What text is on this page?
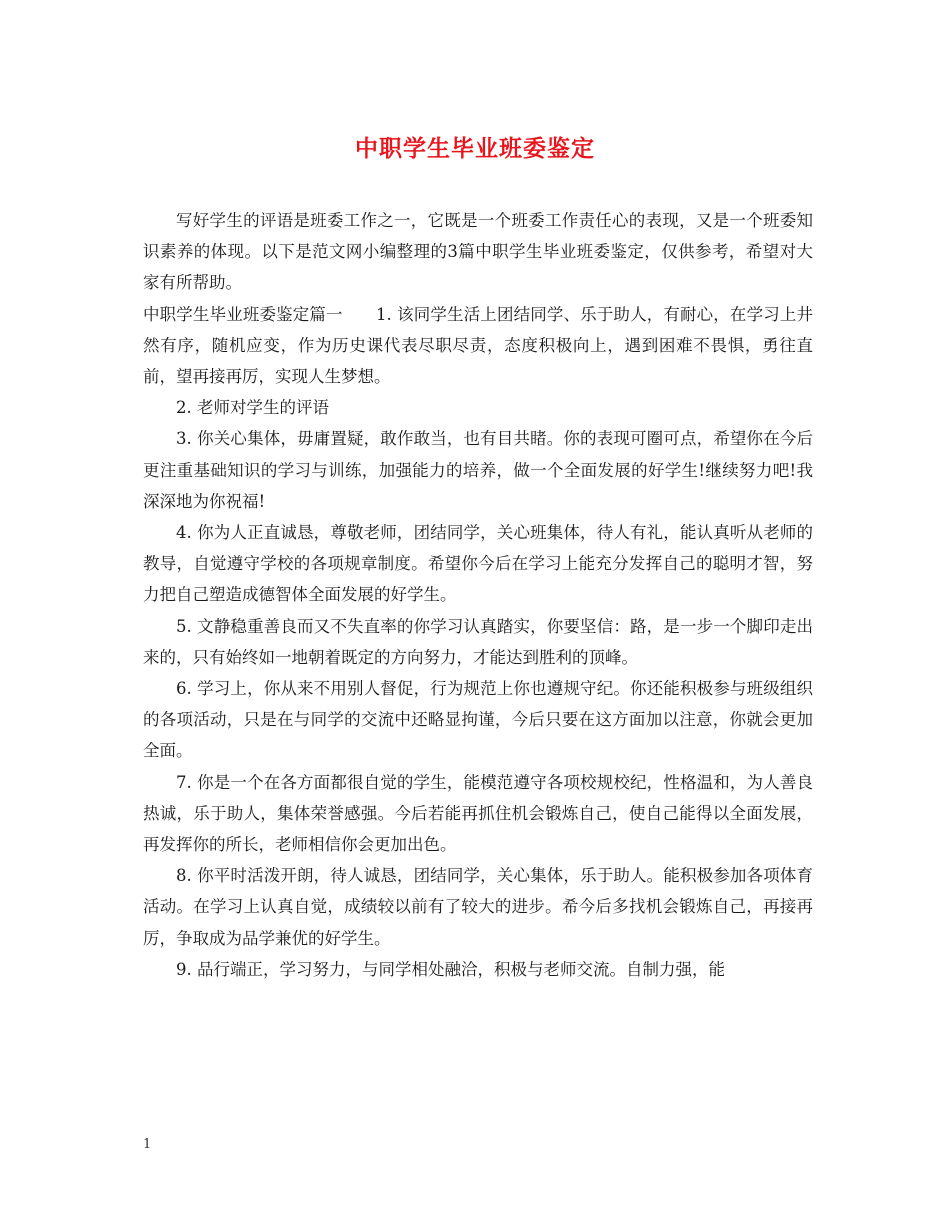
中职学生毕业班委鉴定

写好学生的评语是班委工作之一，它既是一个班委工作责任心的表现，又是一个班委知识素养的体现。以下是范文网小编整理的3篇中职学生毕业班委鉴定，仅供参考，希望对大家有所帮助。

中职学生毕业班委鉴定篇一　　1. 该同学生活上团结同学、乐于助人，有耐心，在学习上井然有序，随机应变，作为历史课代表尽职尽责，态度积极向上，遇到困难不畏惧，勇往直前，望再接再厉，实现人生梦想。

2. 老师对学生的评语

3. 你关心集体，毋庸置疑，敢作敢当，也有目共睹。你的表现可圈可点，希望你在今后更注重基础知识的学习与训练，加强能力的培养，做一个全面发展的好学生!继续努力吧!我深深地为你祝福!

4. 你为人正直诚恳，尊敬老师，团结同学，关心班集体，待人有礼，能认真听从老师的教导，自觉遵守学校的各项规章制度。希望你今后在学习上能充分发挥自己的聪明才智，努力把自己塑造成德智体全面发展的好学生。

5. 文静稳重善良而又不失直率的你学习认真踏实，你要坚信：路，是一步一个脚印走出来的，只有始终如一地朝着既定的方向努力，才能达到胜利的顶峰。

6. 学习上，你从来不用别人督促，行为规范上你也遵规守纪。你还能积极参与班级组织的各项活动，只是在与同学的交流中还略显拘谨，今后只要在这方面加以注意，你就会更加全面。

7. 你是一个在各方面都很自觉的学生，能模范遵守各项校规校纪，性格温和，为人善良热诚，乐于助人，集体荣誉感强。今后若能再抓住机会锻炼自己，使自己能得以全面发展，再发挥你的所长，老师相信你会更加出色。

8. 你平时活泼开朗，待人诚恳，团结同学，关心集体，乐于助人。能积极参加各项体育活动。在学习上认真自觉，成绩较以前有了较大的进步。希今后多找机会锻炼自己，再接再厉，争取成为品学兼优的好学生。

9. 品行端正，学习努力，与同学相处融洽，积极与老师交流。自制力强，能

1
